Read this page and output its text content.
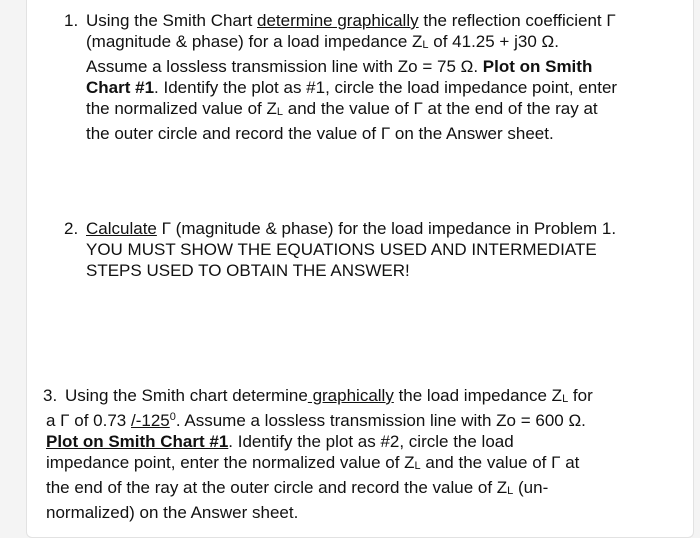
1. Using the Smith Chart determine graphically the reflection coefficient Γ
(magnitude & phase) for a load impedance ZL of 41.25 + j30 Ω.
Assume a lossless transmission line with Zo = 75 Ω. Plot on Smith
Chart #1. Identify the plot as #1, circle the load impedance point, enter
the normalized value of ZL and the value of Γ at the end of the ray at
the outer circle and record the value of Γ on the Answer sheet.
2. Calculate Γ (magnitude & phase) for the load impedance in Problem 1.
YOU MUST SHOW THE EQUATIONS USED AND INTERMEDIATE
STEPS USED TO OBTAIN THE ANSWER!
3. Using the Smith chart determine graphically the load impedance ZL for
a Γ of 0.73 $/-125^0$. Assume a lossless transmission line with Zo = 600 Ω.
Plot on Smith Chart #1. Identify the plot as #2, circle the load
impedance point, enter the normalized value of ZL and the value of Γ at
the end of the ray at the outer circle and record the value of ZL (un-
normalized) on the Answer sheet.
